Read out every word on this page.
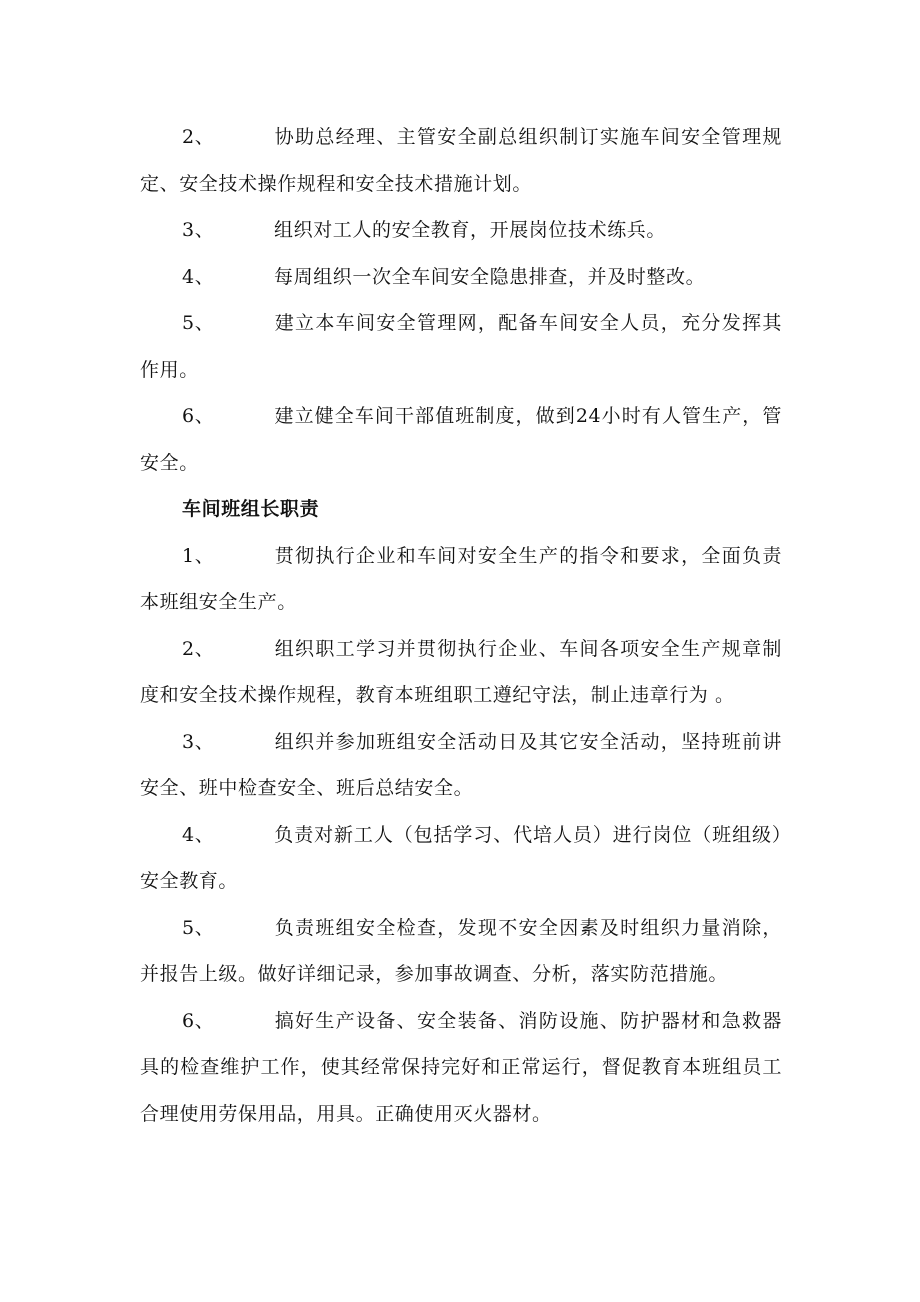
2、	协助总经理、主管安全副总组织制订实施车间安全管理规定、安全技术操作规程和安全技术措施计划。

3、	组织对工人的安全教育，开展岗位技术练兵。

4、	每周组织一次全车间安全隐患排查，并及时整改。

5、	建立本车间安全管理网，配备车间安全人员，充分发挥其作用。

6、	建立健全车间干部值班制度，做到24小时有人管生产，管安全。

车间班组长职责

1、	贯彻执行企业和车间对安全生产的指令和要求，全面负责本班组安全生产。

2、	组织职工学习并贯彻执行企业、车间各项安全生产规章制度和安全技术操作规程，教育本班组职工遵纪守法，制止违章行为 。

3、	组织并参加班组安全活动日及其它安全活动，坚持班前讲安全、班中检查安全、班后总结安全。

4、	负责对新工人（包括学习、代培人员）进行岗位（班组级）安全教育。

5、	负责班组安全检查，发现不安全因素及时组织力量消除，并报告上级。做好详细记录，参加事故调查、分析，落实防范措施。

6、	搞好生产设备、安全装备、消防设施、防护器材和急救器具的检查维护工作，使其经常保持完好和正常运行，督促教育本班组员工合理使用劳保用品，用具。正确使用灭火器材。
